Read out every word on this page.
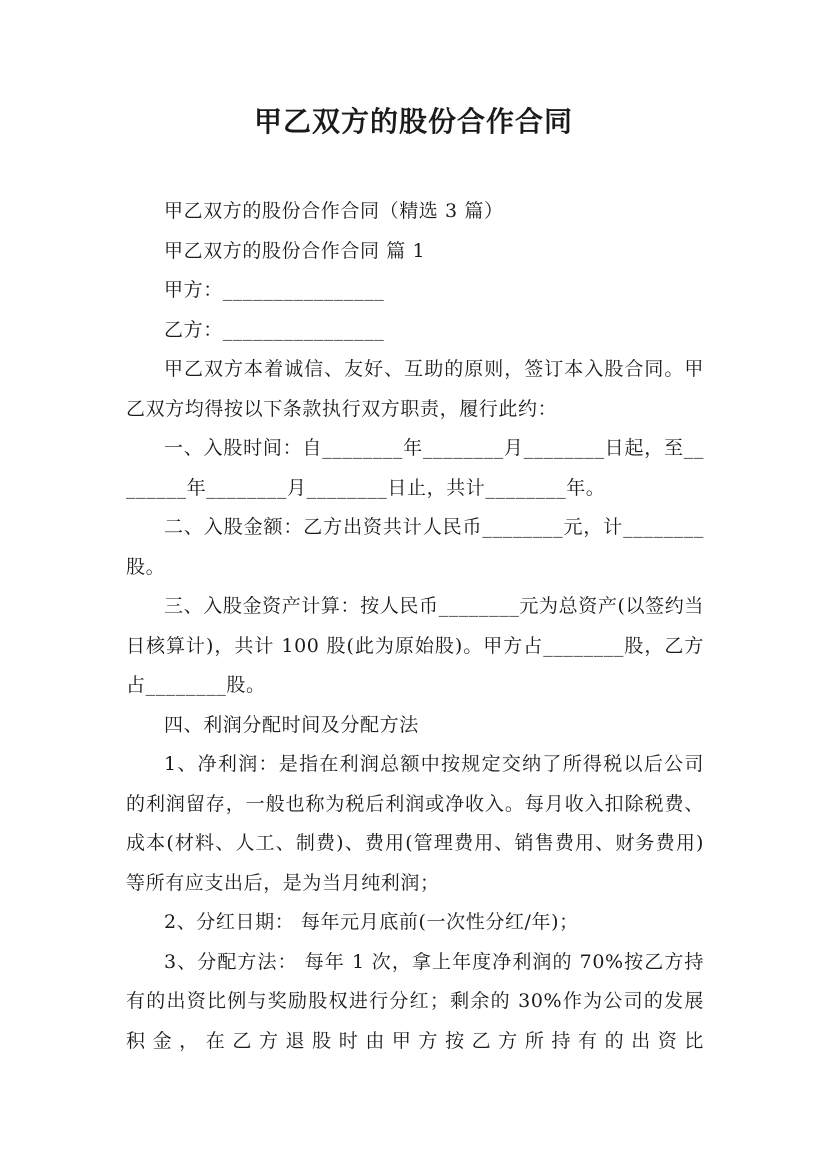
甲乙双方的股份合作合同

甲乙双方的股份合作合同（精选 3 篇）

甲乙双方的股份合作合同 篇 1

甲方：________________

乙方：________________

甲乙双方本着诚信、友好、互助的原则，签订本入股合同。甲乙双方均得按以下条款执行双方职责，履行此约：

一、入股时间：自________年________月________日起，至________年________月________日止，共计________年。

二、入股金额：乙方出资共计人民币________元，计________股。

三、入股金资产计算：按人民币________元为总资产(以签约当日核算计)，共计 100 股(此为原始股)。甲方占________股，乙方占________股。

四、利润分配时间及分配方法

1、净利润：是指在利润总额中按规定交纳了所得税以后公司的利润留存，一般也称为税后利润或净收入。每月收入扣除税费、成本(材料、人工、制费)、费用(管理费用、销售费用、财务费用)等所有应支出后，是为当月纯利润；

2、分红日期： 每年元月底前(一次性分红/年)；

3、分配方法： 每年 1 次，拿上年度净利润的 70%按乙方持有的出资比例与奖励股权进行分红；剩余的 30%作为公司的发展积金，在乙方退股时由甲方按乙方所持有的出资比
